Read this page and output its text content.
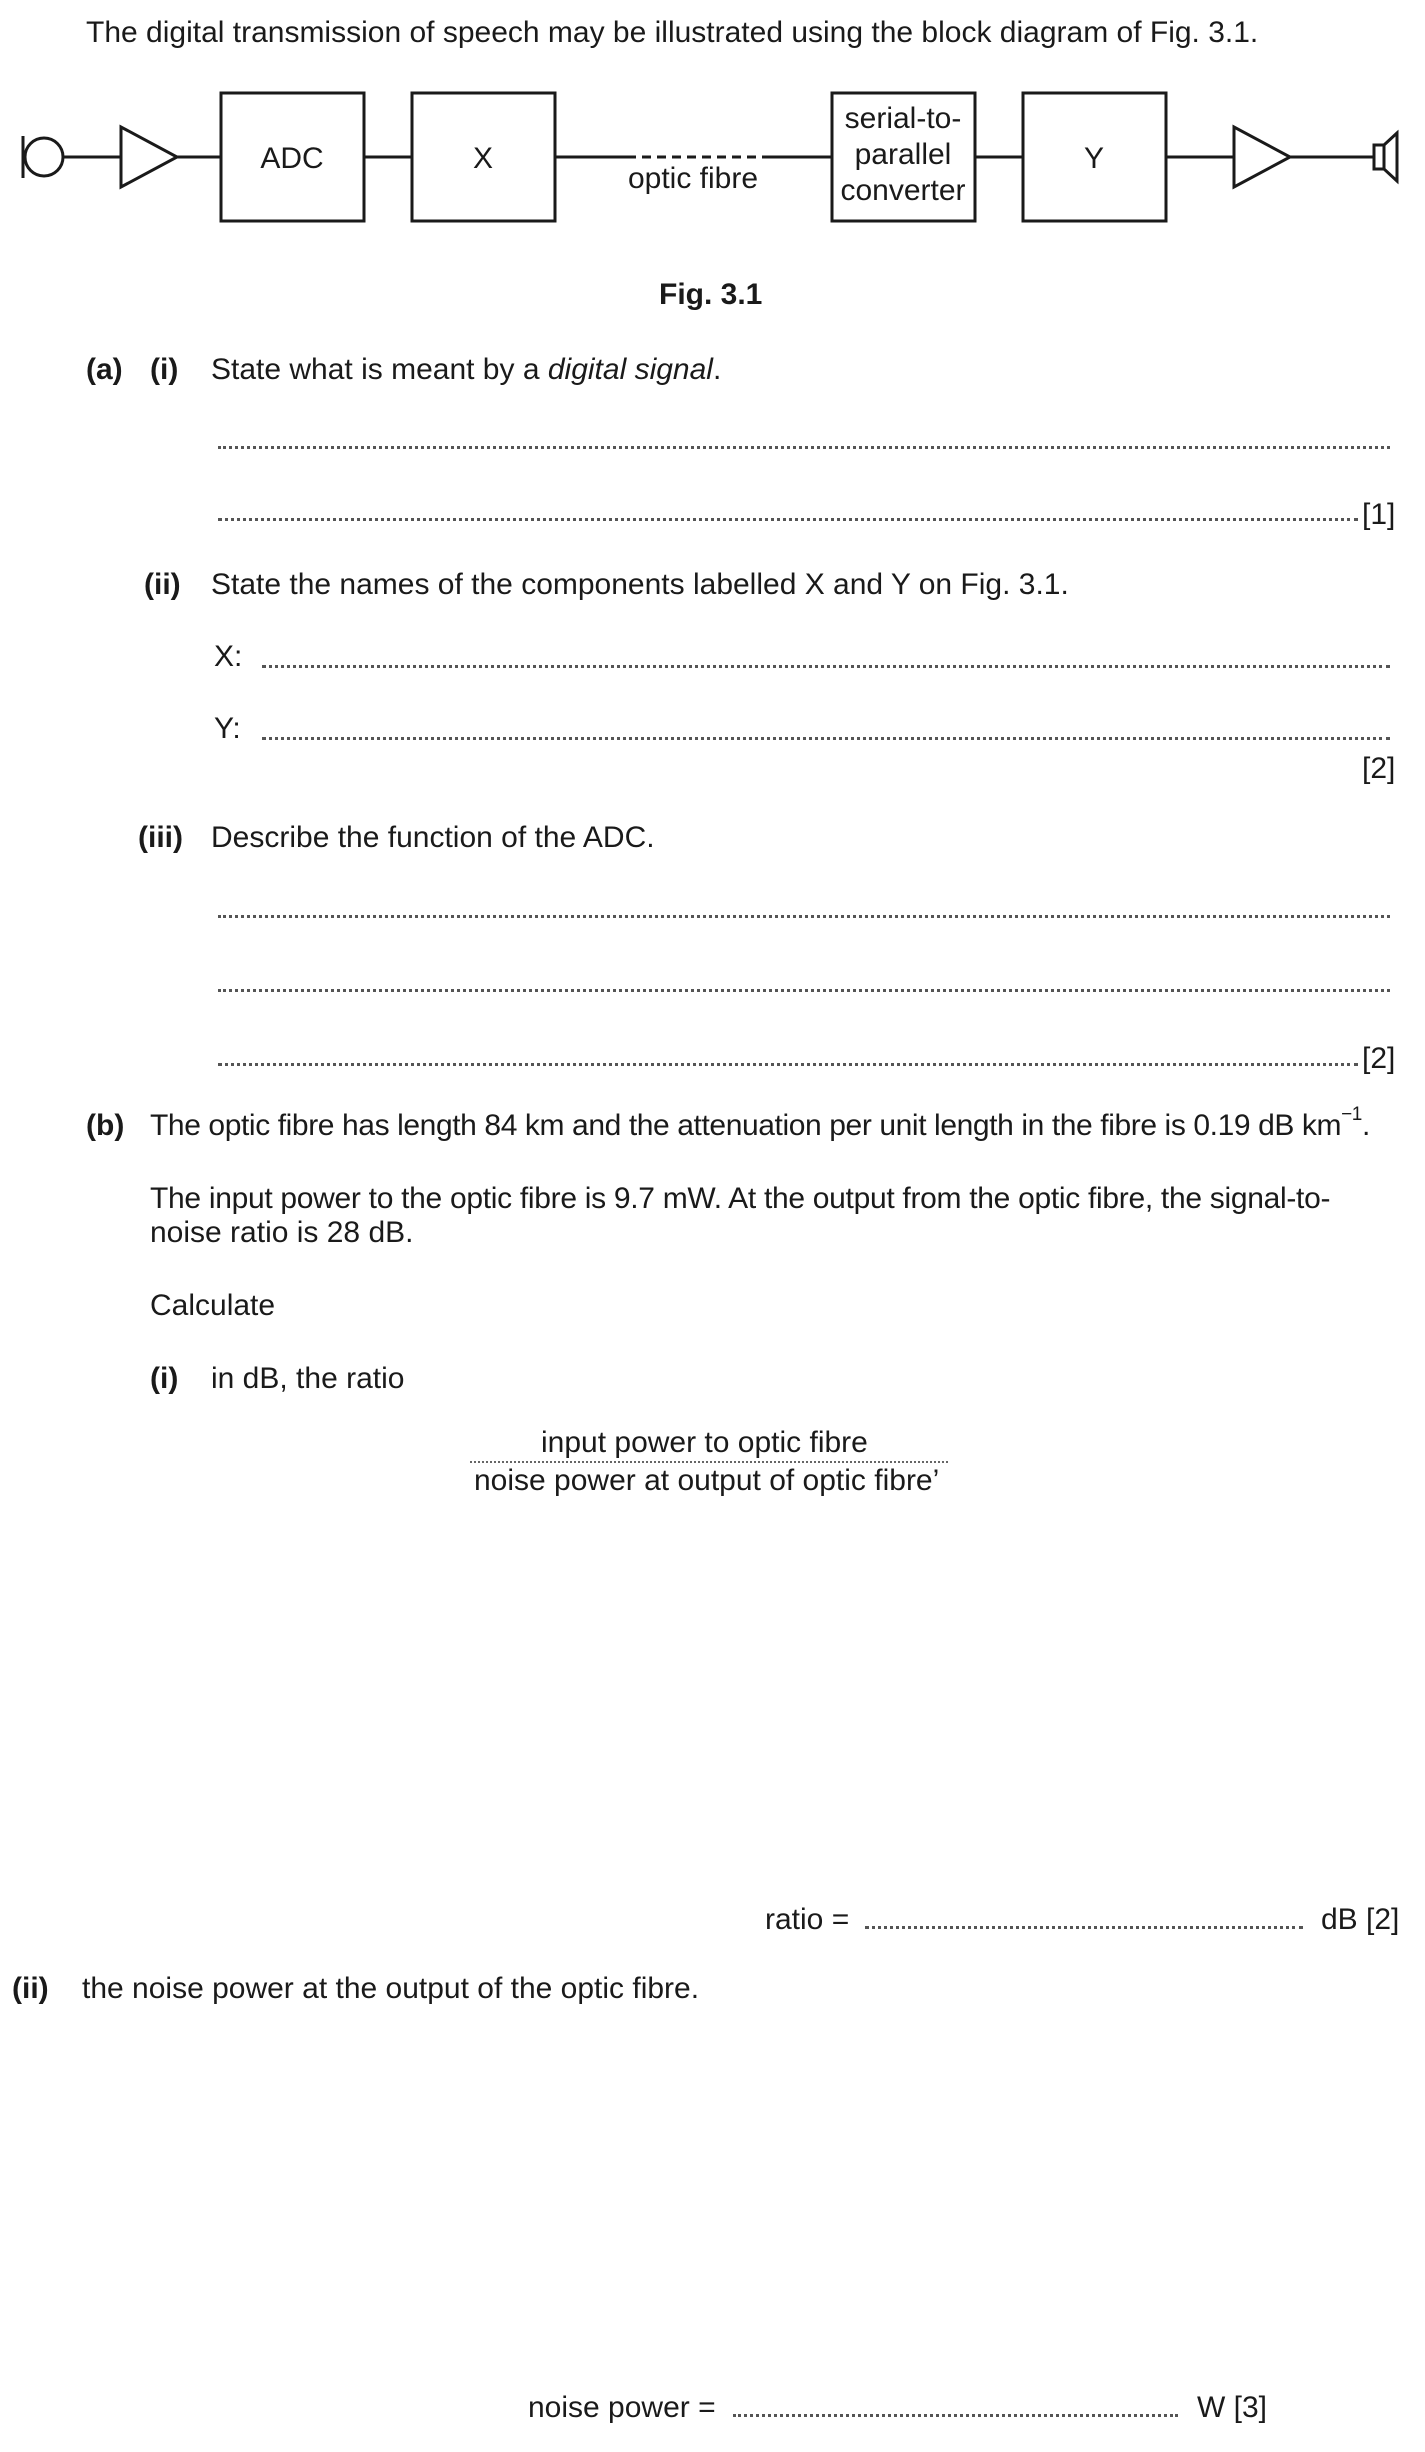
The digital transmission of speech may be illustrated using the block diagram of Fig. 3.1.
ADC	X
optic fibre
serial-to-
parallel
converter
Y
Fig. 3.1
(a) (i) State what is meant by a digital signal.
[1]
(ii) State the names of the components labelled X and Y on Fig. 3.1.
X:
Y:
[2]
(iii) Describe the function of the ADC.
[2]
(b) The optic fibre has length 84 km and the attenuation per unit length in the fibre is 0.19 dB $km^{-1}$.
The input power to the optic fibre is 9.7 mW. At the output from the optic fibre, the signal-to-
noise ratio is 28 dB.
Calculate
(i) in dB, the ratio
input power to optic fibre
noise power at output of optic fibre’
ratio =	dB [2]
(ii) the noise power at the output of the optic fibre.
noise power =	W [3]
